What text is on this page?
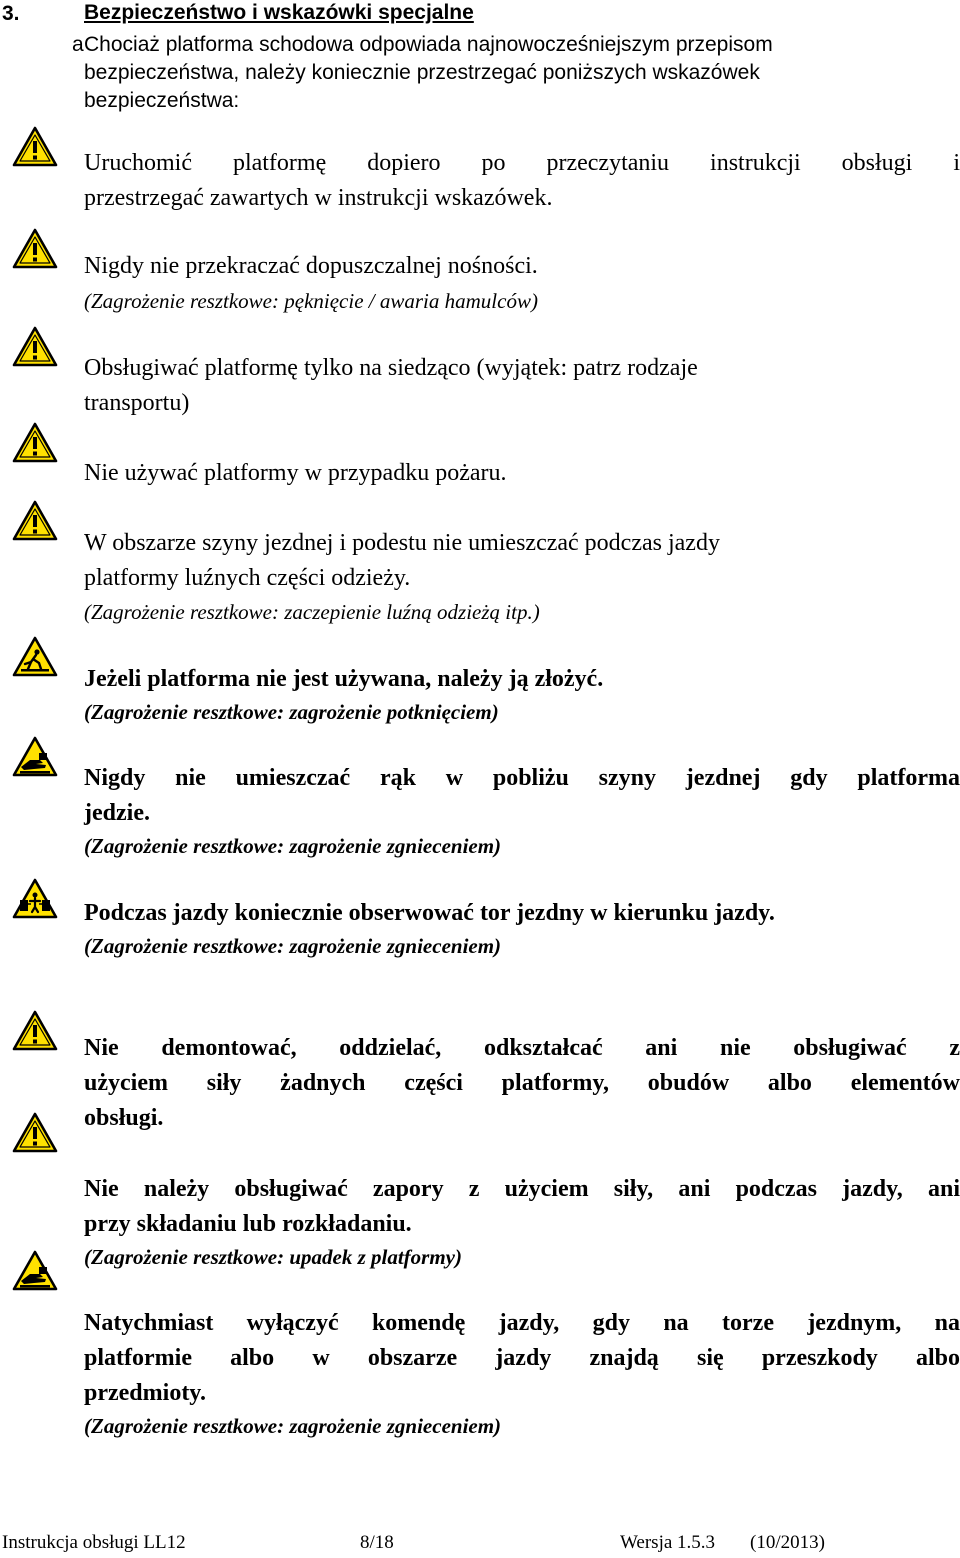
3.	Bezpieczeństwo i wskazówki specjalne
a Chociaż platforma schodowa odpowiada najnowocześniejszym przepisom
bezpieczeństwa, należy koniecznie przestrzegać poniższych wskazówek
bezpieczeństwa:
Uruchomić platformę dopiero po przeczytaniu instrukcji obsługi i
przestrzegać zawartych w instrukcji wskazówek.
Nigdy nie przekraczać dopuszczalnej nośności.
(Zagrożenie resztkowe: pęknięcie / awaria hamulców)
Obsługiwać platformę tylko na siedząco (wyjątek: patrz rodzaje
transportu)
Nie używać platformy w przypadku pożaru.
W obszarze szyny jezdnej i podestu nie umieszczać podczas jazdy
platformy luźnych części odzieży.
(Zagrożenie resztkowe: zaczepienie luźną odzieżą itp.)
Jeżeli platforma nie jest używana, należy ją złożyć.
(Zagrożenie resztkowe: zagrożenie potknięciem)
Nigdy nie umieszczać rąk w pobliżu szyny jezdnej gdy platforma
jedzie.
(Zagrożenie resztkowe: zagrożenie zgnieceniem)
Podczas jazdy koniecznie obserwować tor jezdny w kierunku jazdy.
(Zagrożenie resztkowe: zagrożenie zgnieceniem)
Nie demontować, oddzielać, odkształcać ani nie obsługiwać z
użyciem siły żadnych części platformy, obudów albo elementów
obsługi.
Nie należy obsługiwać zapory z użyciem siły, ani podczas jazdy, ani
przy składaniu lub rozkładaniu.
(Zagrożenie resztkowe: upadek z platformy)
Natychmiast wyłączyć komendę jazdy, gdy na torze jezdnym, na
platformie albo w obszarze jazdy znajdą się przeszkody albo
przedmioty.
(Zagrożenie resztkowe: zagrożenie zgnieceniem)
Instrukcja obsługi LL12	8/18	Wersja 1.5.3 (10/2013)
